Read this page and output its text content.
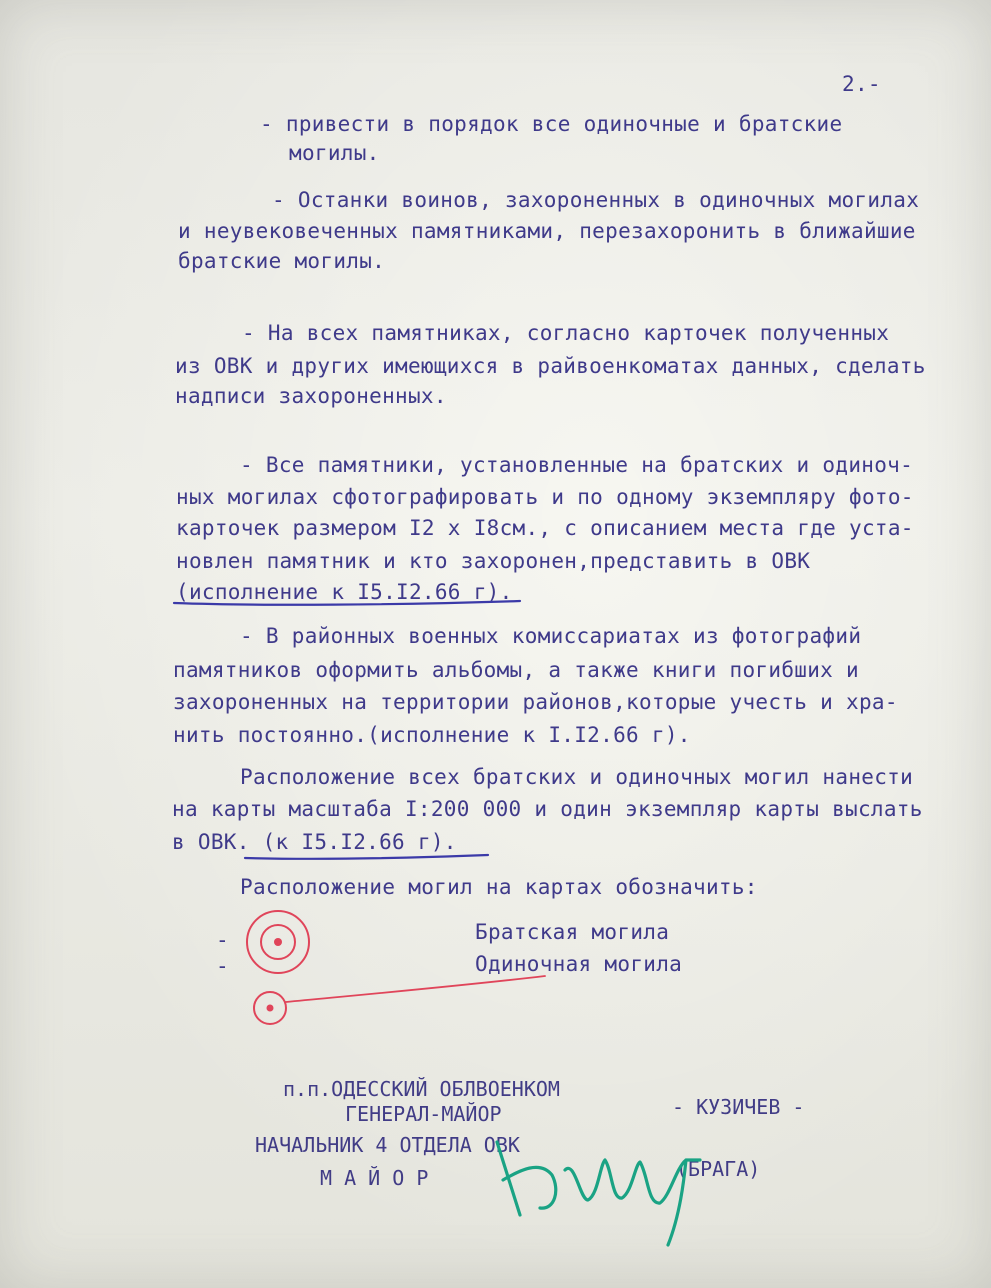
2.-
- привести в порядок все одиночные и братские
могилы.
- Останки воинов, захороненных в одиночных могилах
и неувековеченных памятниками, перезахоронить в ближайшие
братские могилы.
- На всех памятниках, согласно карточек полученных
из ОВК и других имеющихся в райвоенкоматах данных, сделать
надписи захороненных.
- Все памятники, установленные на братских и одиноч-
ных могилах сфотографировать и по одному экземпляру фото-
карточек размером I2 х I8см., с описанием места где уста-
новлен памятник и кто захоронен,представить в ОВК
(исполнение к I5.I2.66 г).
- В районных военных комиссариатах из фотографий
памятников оформить альбомы, а также книги погибших и
захороненных на территории районов,которые учесть и хра-
нить постоянно.(исполнение к I.I2.66 г).
Расположение всех братских и одиночных могил нанести
на карты масштаба I:200 000 и один экземпляр карты выслать
в ОВК. (к I5.I2.66 г).
Расположение могил на картах обозначить:
-
-
Братская могила
Одиночная могила
п.п.ОДЕССКИЙ ОБЛВОЕНКОМ
ГЕНЕРАЛ-МАЙОР
НАЧАЛЬНИК 4 ОТДЕЛА ОВК
М А Й О Р
- КУЗИЧЕВ -
(БРАГА)
